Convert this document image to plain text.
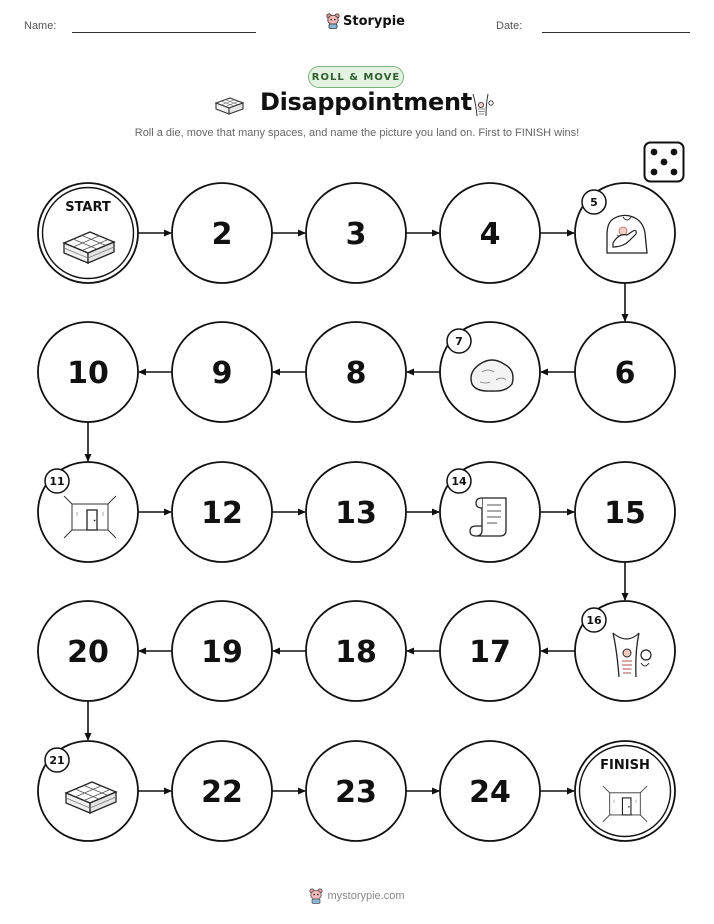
Name:	Storypie	Date:
ROLL & MOVE
Disappointment
Roll a die, move that many spaces, and name the picture you land on. First to FINISH wins!
START
2	3	4
5
6
7
8
9
10
11
12	13
14
15
16
17
18
19
20
21
22	23	24
FINISH
mystorypie.com
